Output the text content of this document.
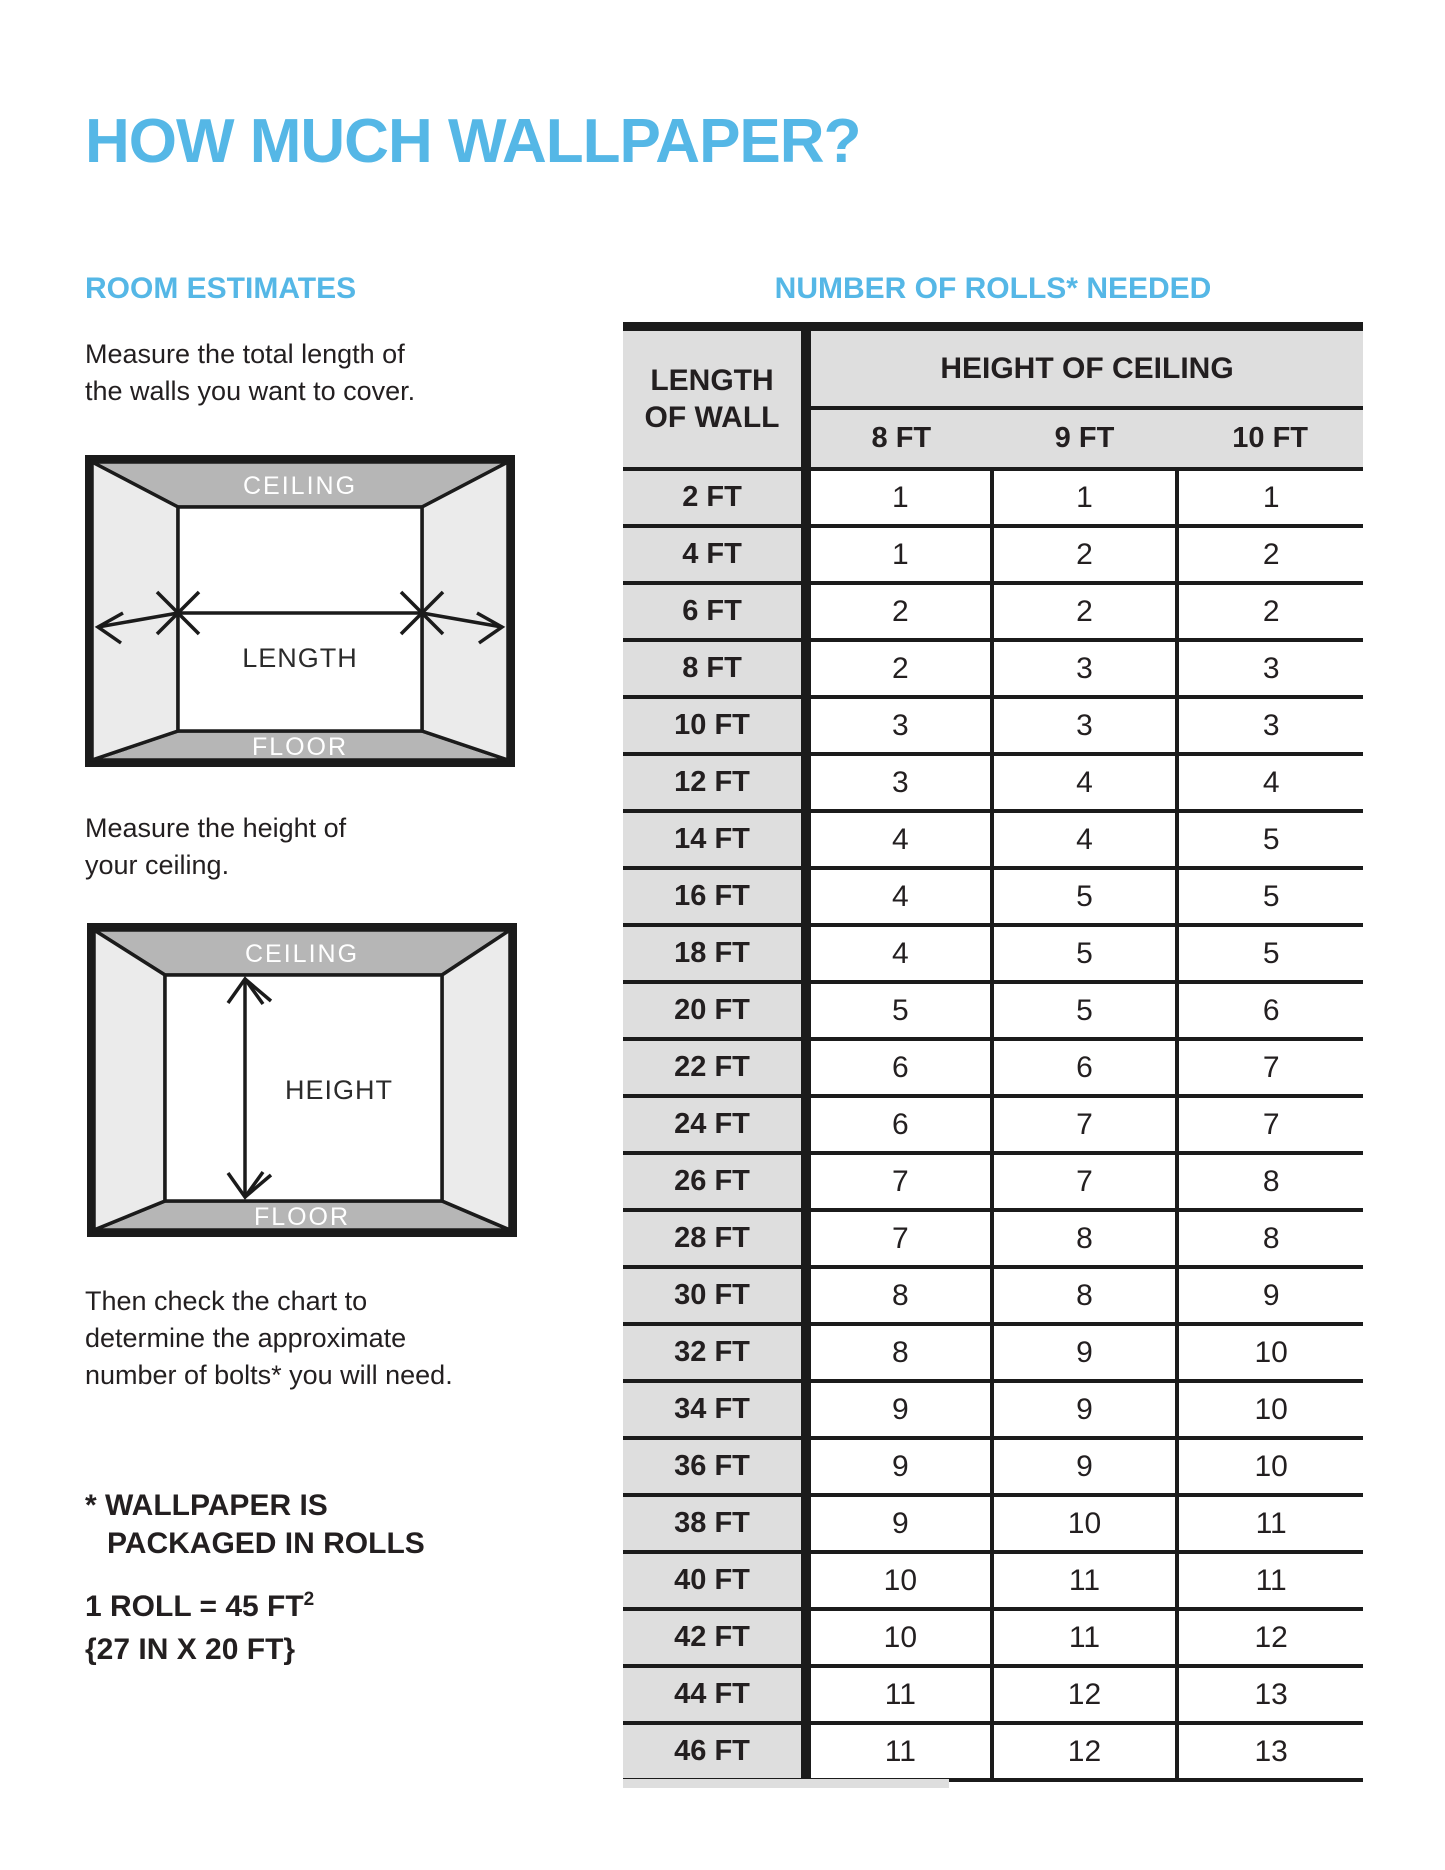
HOW MUCH WALLPAPER?
ROOM ESTIMATES	NUMBER OF ROLLS* NEEDED
Measure the total length of
the walls you want to cover.
CEILING
FLOOR
LENGTH
Measure the height of
your ceiling.
CEILING
FLOOR
HEIGHT
Then check the chart to
determine the approximate
number of bolts* you will need.
* WALLPAPER IS
PACKAGED IN ROLLS
1 ROLL = 45 $FT^2$
{27 IN X 20 FT}
LENGTH
OF WALL	HEIGHT OF CEILING		
	8 FT	9 FT	10 FT
2 FT	1	1	1
4 FT	1	2	2
6 FT	2	2	2
8 FT	2	3	3
10 FT	3	3	3
12 FT	3	4	4
14 FT	4	4	5
16 FT	4	5	5
18 FT	4	5	5
20 FT	5	5	6
22 FT	6	6	7
24 FT	6	7	7
26 FT	7	7	8
28 FT	7	8	8
30 FT	8	8	9
32 FT	8	9	10
34 FT	9	9	10
36 FT	9	9	10
38 FT	9	10	11
40 FT	10	11	11
42 FT	10	11	12
44 FT	11	12	13
46 FT	11	12	13
